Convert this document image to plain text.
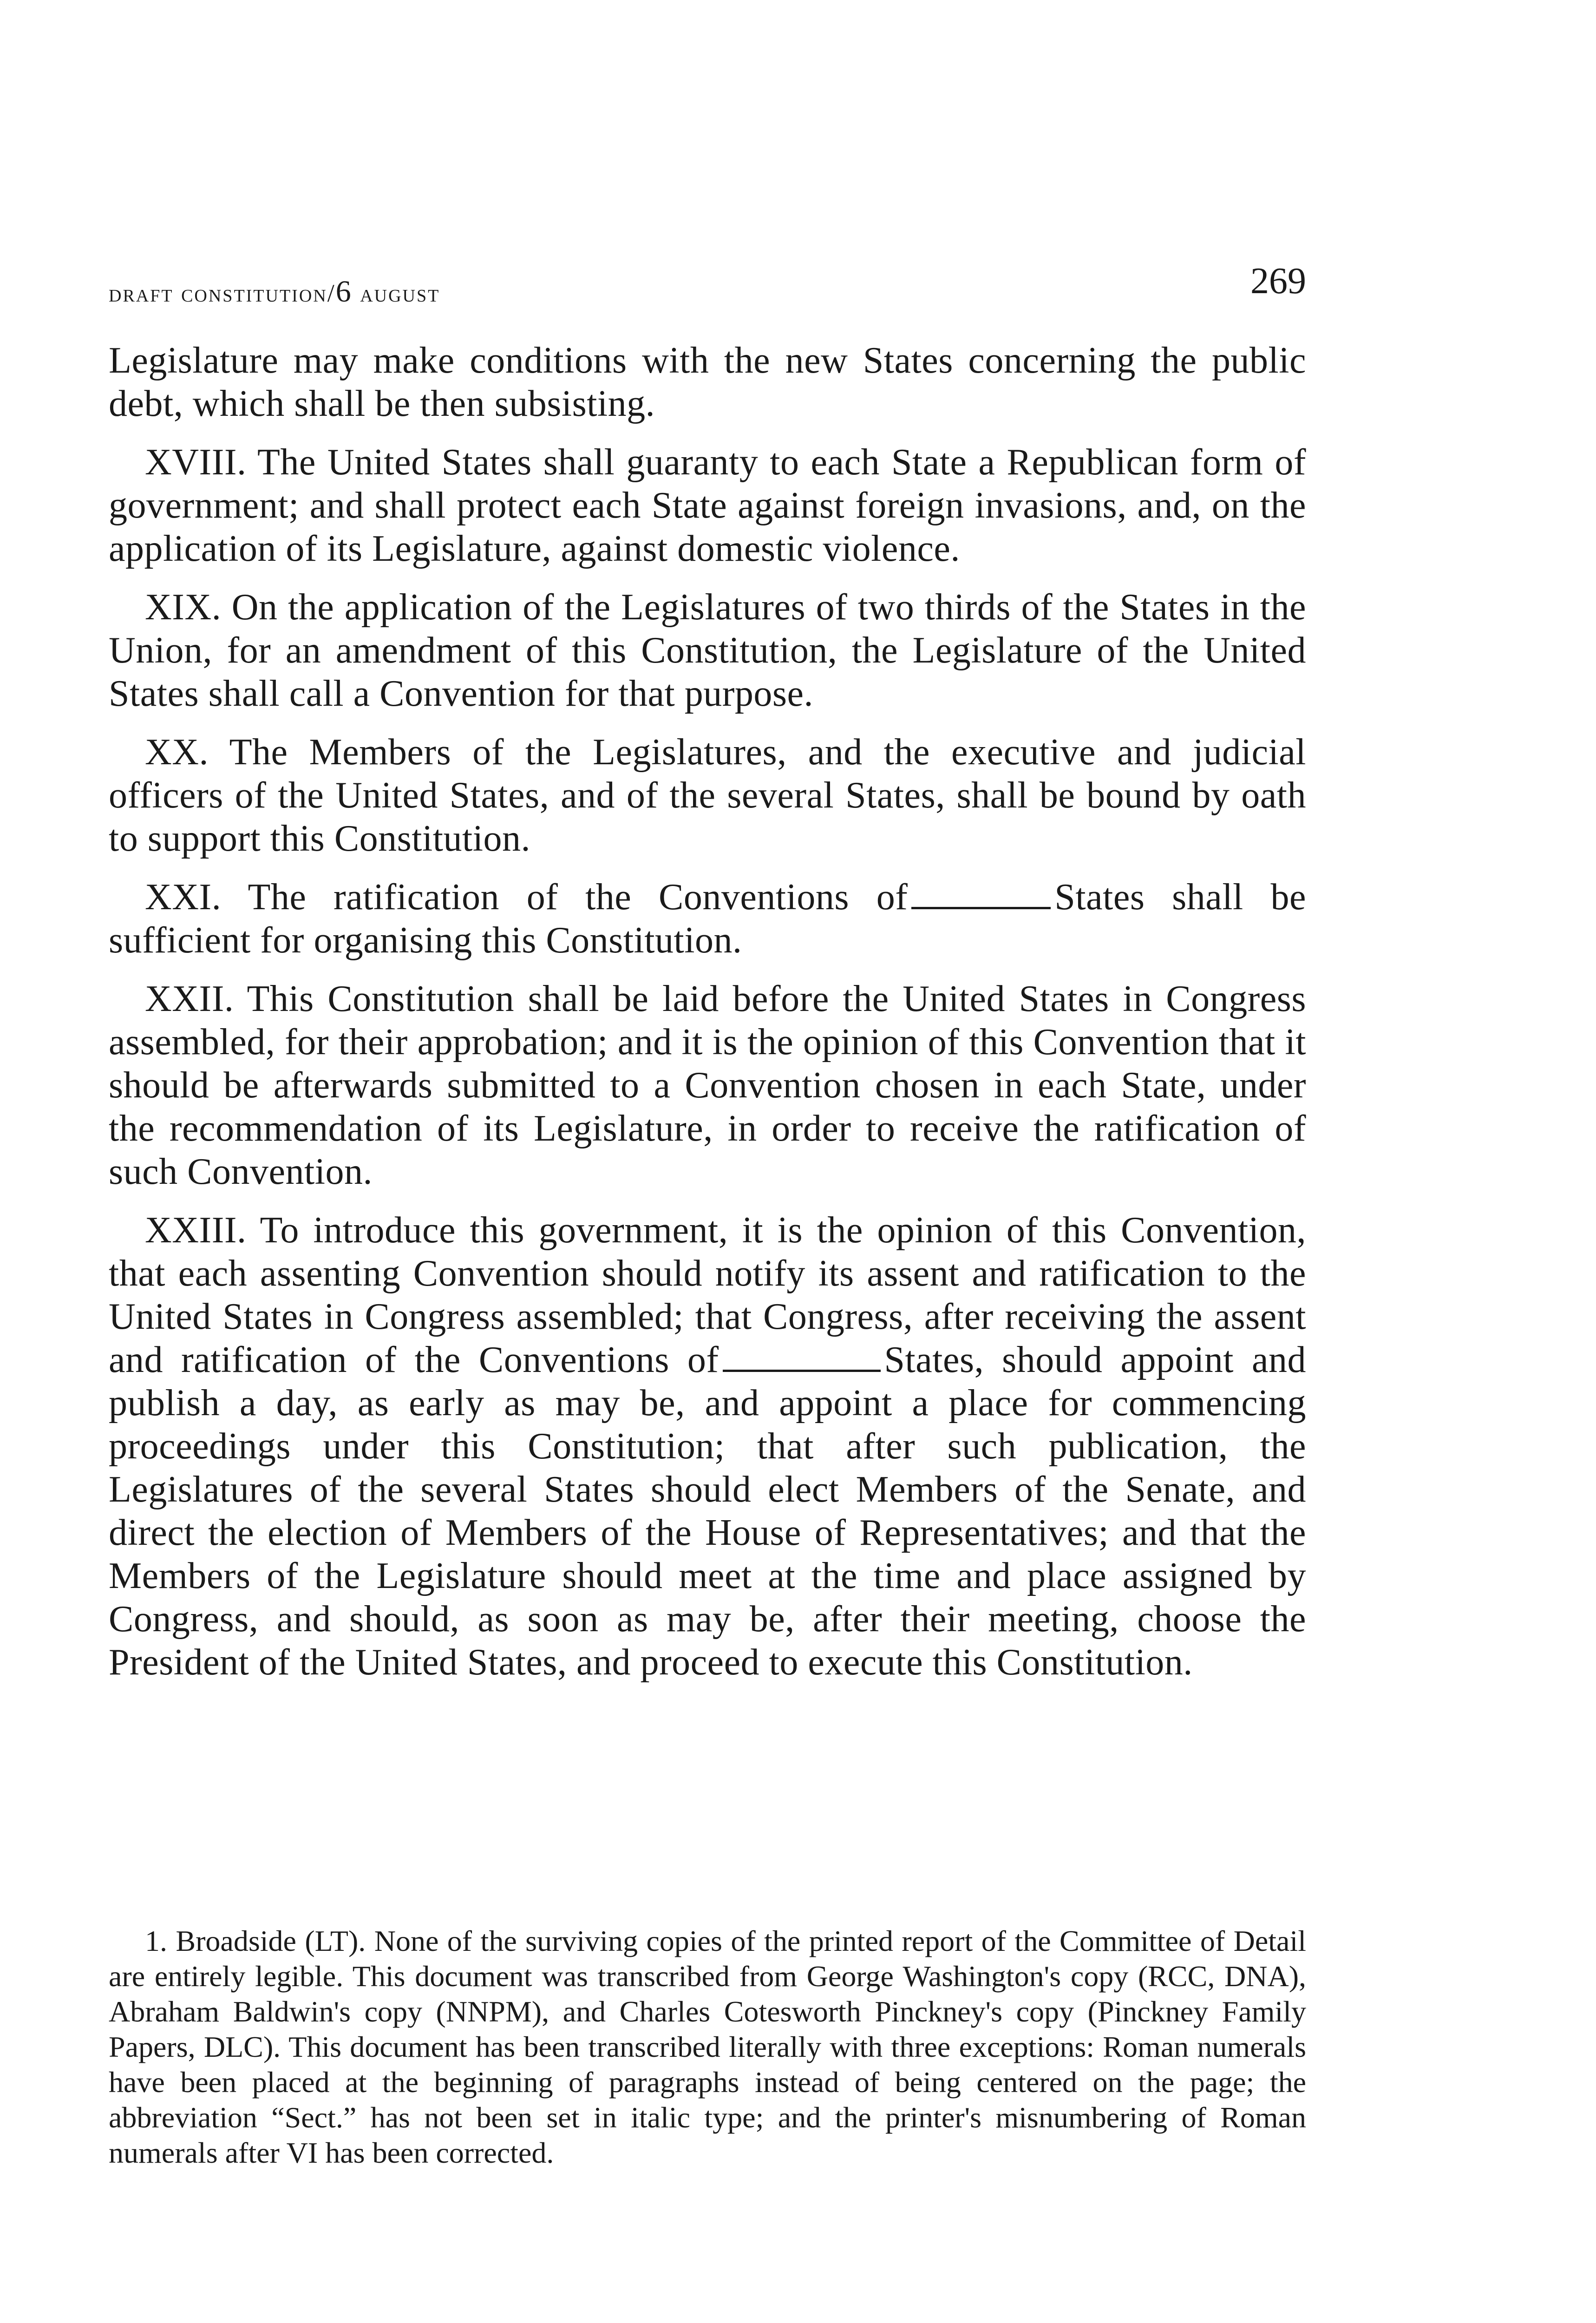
draft constitution/6 august	269

Legislature may make conditions with the new States concerning the public debt, which shall be then subsisting.

XVIII. The United States shall guaranty to each State a Republican form of government; and shall protect each State against foreign invasions, and, on the application of its Legislature, against domestic violence.

XIX. On the application of the Legislatures of two thirds of the States in the Union, for an amendment of this Constitution, the Legislature of the United States shall call a Convention for that purpose.

XX. The Members of the Legislatures, and the executive and judicial officers of the United States, and of the several States, shall be bound by oath to support this Constitution.

XXI. The ratification of the Conventions of	States shall be sufficient for organising this Constitution.

XXII. This Constitution shall be laid before the United States in Congress assembled, for their approbation; and it is the opinion of this Convention that it should be afterwards submitted to a Convention chosen in each State, under the recommendation of its Legislature, in order to receive the ratification of such Convention.

XXIII. To introduce this government, it is the opinion of this Convention, that each assenting Convention should notify its assent and ratification to the United States in Congress assembled; that Congress, after receiving the assent and ratification of the Conventions of	States, should appoint and publish a day, as early as may be, and appoint a place for commencing proceedings under this Constitution; that after such publication, the Legislatures of the several States should elect Members of the Senate, and direct the election of Members of the House of Representatives; and that the Members of the Legislature should meet at the time and place assigned by Congress, and should, as soon as may be, after their meeting, choose the President of the United States, and proceed to execute this Constitution.

1. Broadside (LT). None of the surviving copies of the printed report of the Committee of Detail are entirely legible. This document was transcribed from George Washington's copy (RCC, DNA), Abraham Baldwin's copy (NNPM), and Charles Cotesworth Pinckney's copy (Pinckney Family Papers, DLC). This document has been transcribed literally with three exceptions: Roman numerals have been placed at the beginning of paragraphs instead of being centered on the page; the abbreviation “Sect.” has not been set in italic type; and the printer's misnumbering of Roman numerals after VI has been corrected.
